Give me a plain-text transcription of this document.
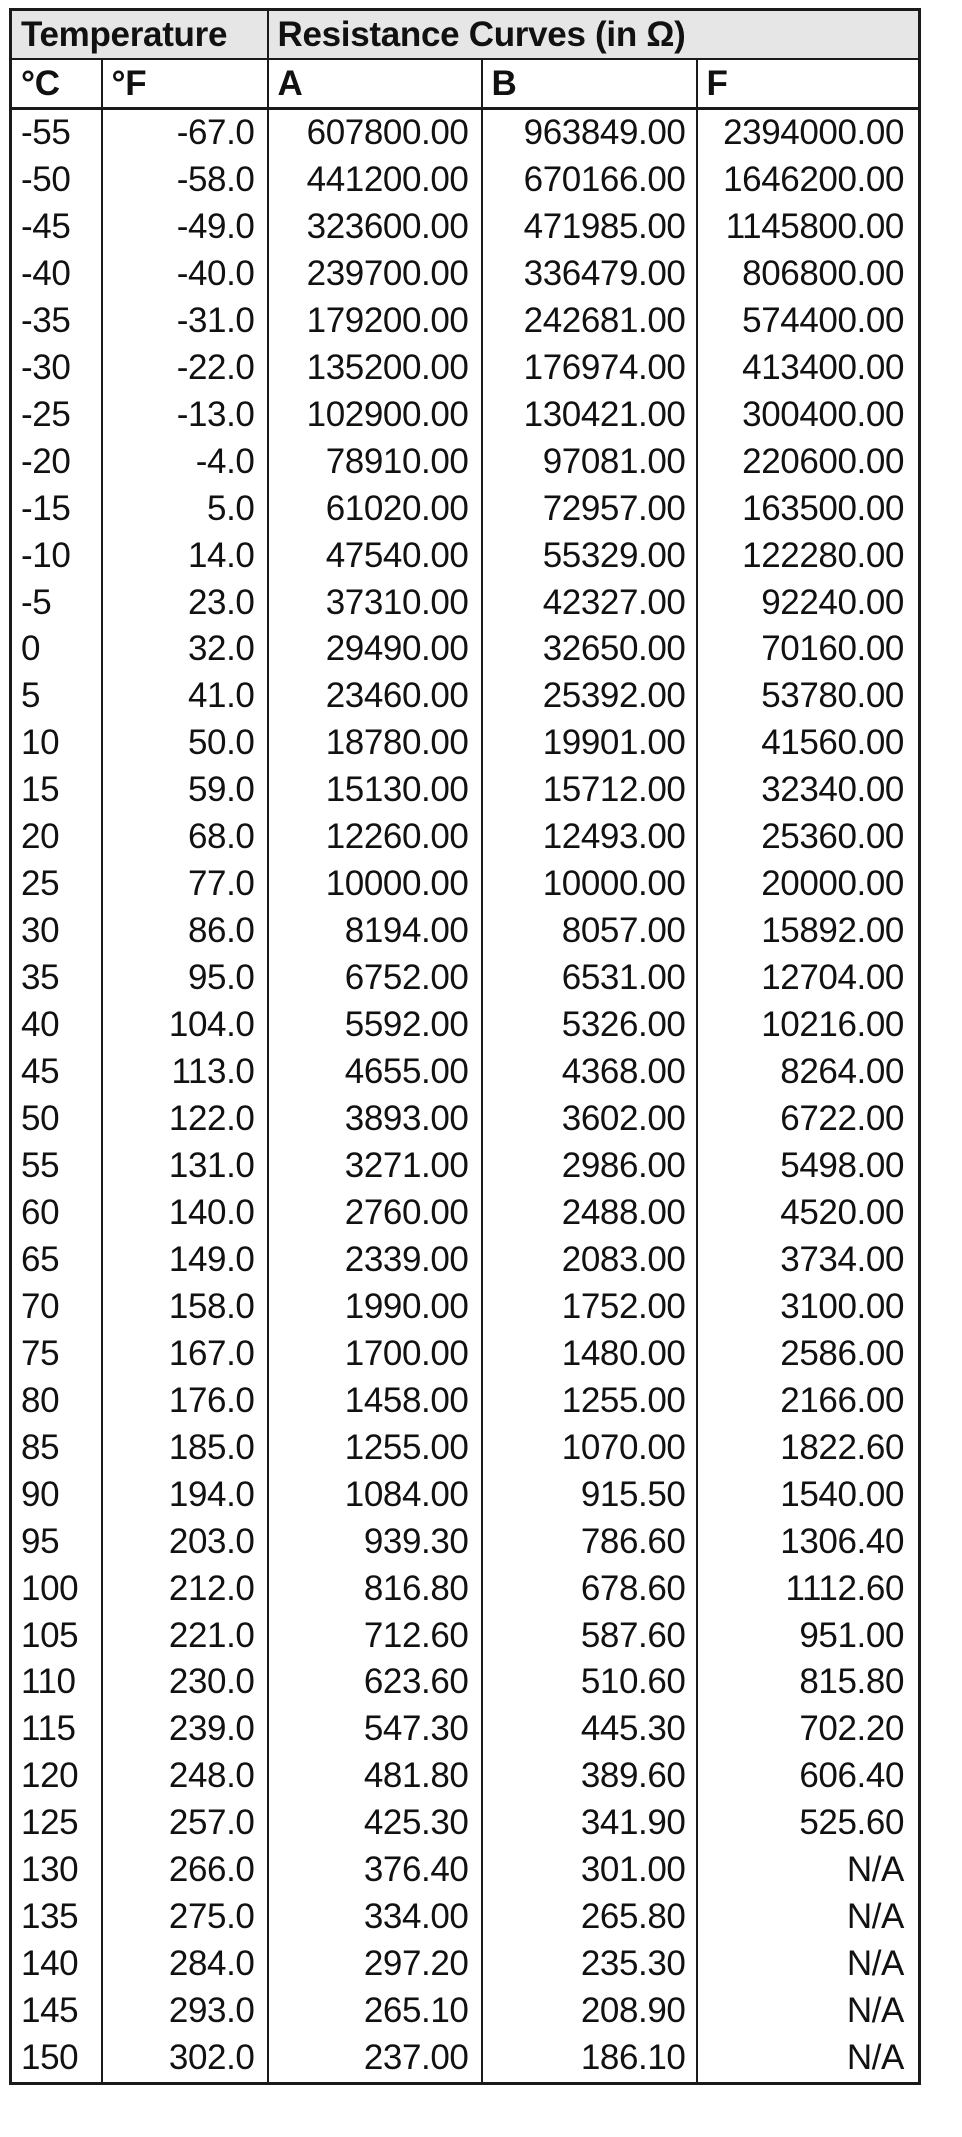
Temperature		Resistance Curves (in Ω)		
°C	°F	A	B	F
-55	-67.0	607800.00	963849.00	2394000.00
-50	-58.0	441200.00	670166.00	1646200.00
-45	-49.0	323600.00	471985.00	1145800.00
-40	-40.0	239700.00	336479.00	806800.00
-35	-31.0	179200.00	242681.00	574400.00
-30	-22.0	135200.00	176974.00	413400.00
-25	-13.0	102900.00	130421.00	300400.00
-20	-4.0	78910.00	97081.00	220600.00
-15	5.0	61020.00	72957.00	163500.00
-10	14.0	47540.00	55329.00	122280.00
-5	23.0	37310.00	42327.00	92240.00
0	32.0	29490.00	32650.00	70160.00
5	41.0	23460.00	25392.00	53780.00
10	50.0	18780.00	19901.00	41560.00
15	59.0	15130.00	15712.00	32340.00
20	68.0	12260.00	12493.00	25360.00
25	77.0	10000.00	10000.00	20000.00
30	86.0	8194.00	8057.00	15892.00
35	95.0	6752.00	6531.00	12704.00
40	104.0	5592.00	5326.00	10216.00
45	113.0	4655.00	4368.00	8264.00
50	122.0	3893.00	3602.00	6722.00
55	131.0	3271.00	2986.00	5498.00
60	140.0	2760.00	2488.00	4520.00
65	149.0	2339.00	2083.00	3734.00
70	158.0	1990.00	1752.00	3100.00
75	167.0	1700.00	1480.00	2586.00
80	176.0	1458.00	1255.00	2166.00
85	185.0	1255.00	1070.00	1822.60
90	194.0	1084.00	915.50	1540.00
95	203.0	939.30	786.60	1306.40
100	212.0	816.80	678.60	1112.60
105	221.0	712.60	587.60	951.00
110	230.0	623.60	510.60	815.80
115	239.0	547.30	445.30	702.20
120	248.0	481.80	389.60	606.40
125	257.0	425.30	341.90	525.60
130	266.0	376.40	301.00	N/A
135	275.0	334.00	265.80	N/A
140	284.0	297.20	235.30	N/A
145	293.0	265.10	208.90	N/A
150	302.0	237.00	186.10	N/A
